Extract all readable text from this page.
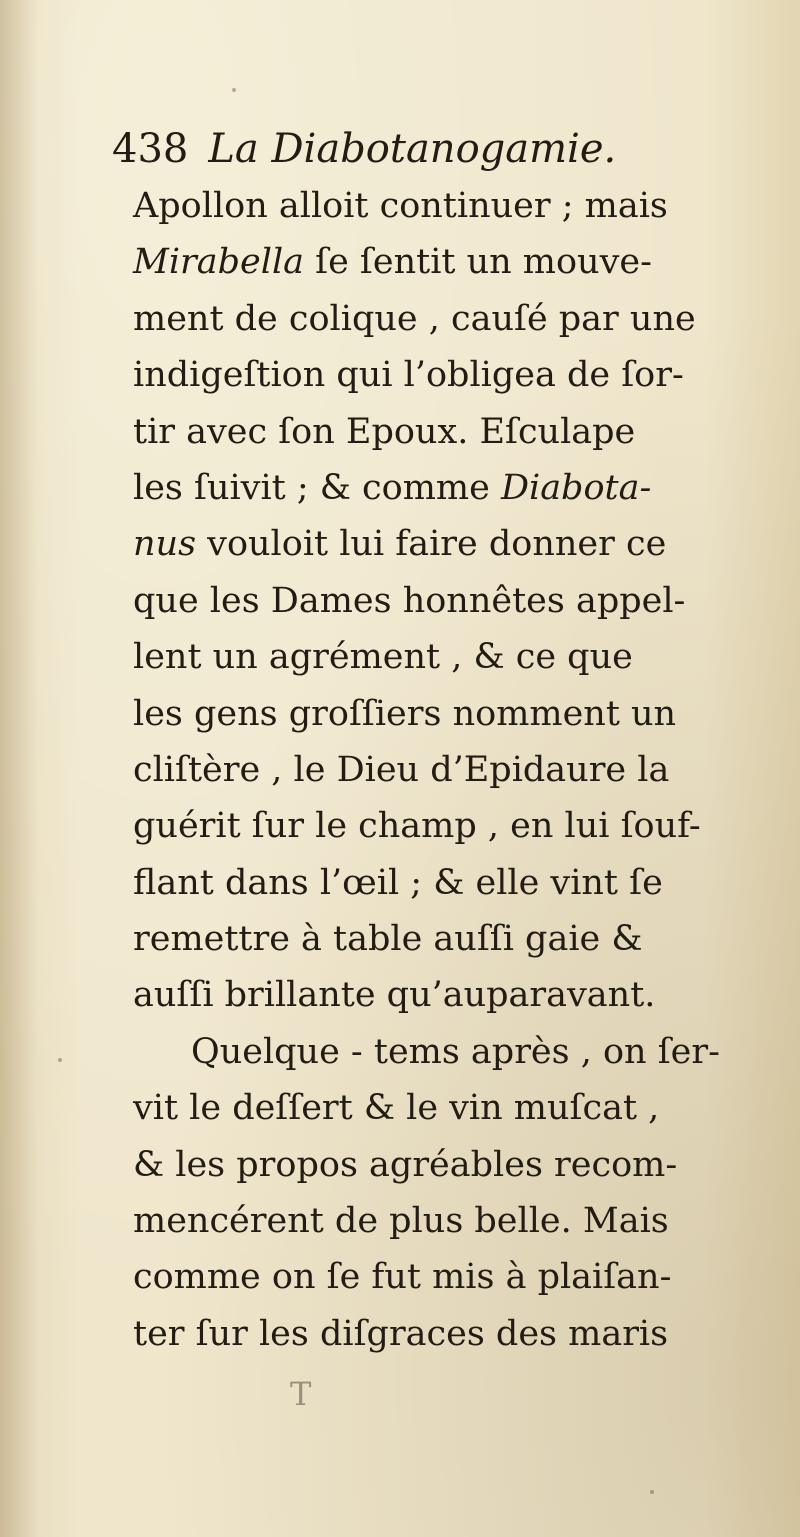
438 La Diabotanogamie.
Apollon alloit continuer ; mais
Mirabella ſe ſentit un mouve-
ment de colique , cauſé par une
indigeſtion qui l’obligea de ſor-
tir avec ſon Epoux. Eſculape
les ſuivit ; & comme Diabota-
nus vouloit lui faire donner ce
que les Dames honnêtes appel-
lent un agrément , & ce que
les gens groſſiers nomment un
cliſtère , le Dieu d’Epidaure la
guérit ſur le champ , en lui ſouf-
flant dans l’œil ; & elle vint ſe
remettre à table auſſi gaie &
auſſi brillante qu’auparavant.
Quelque - tems après , on ſer-
vit le deſſert & le vin muſcat ,
& les propos agréables recom-
mencérent de plus belle. Mais
comme on ſe fut mis à plaiſan-
ter ſur les diſgraces des maris
T
